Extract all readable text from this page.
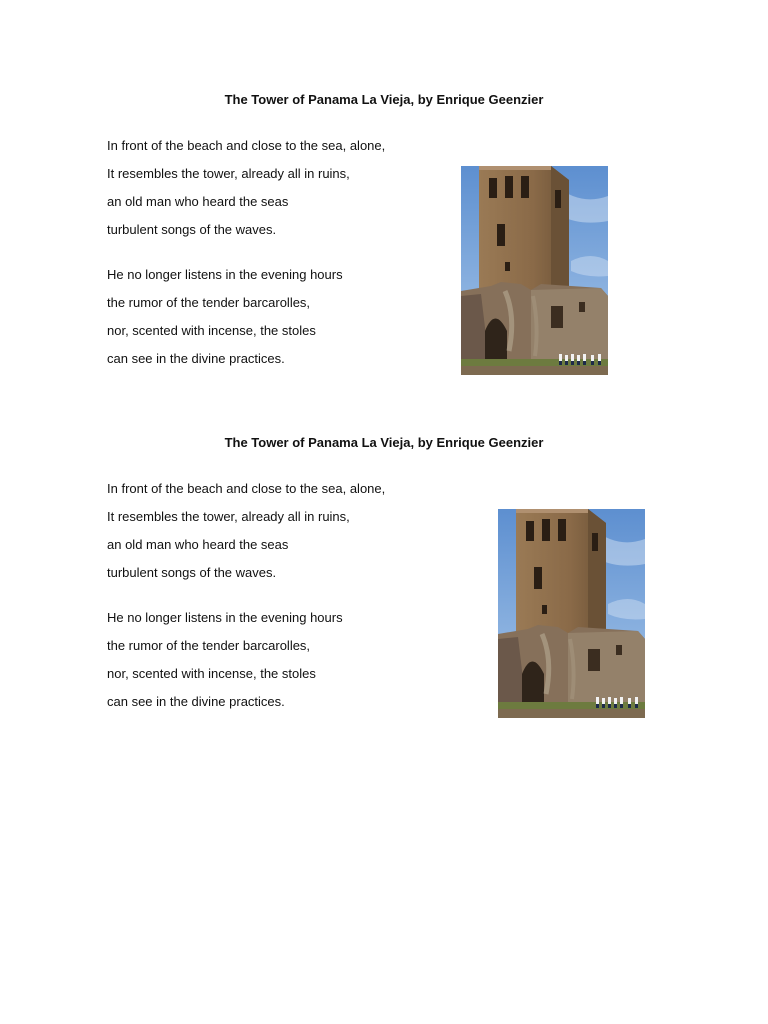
The Tower of Panama La Vieja, by Enrique Geenzier
In front of the beach and close to the sea, alone,
It resembles the tower, already all in ruins,
an old man who heard the seas
turbulent songs of the waves.
He no longer listens in the evening hours
the rumor of the tender barcarolles,
nor, scented with incense, the stoles
can see in the divine practices.
The Tower of Panama La Vieja, by Enrique Geenzier
In front of the beach and close to the sea, alone,
It resembles the tower, already all in ruins,
an old man who heard the seas
turbulent songs of the waves.
He no longer listens in the evening hours
the rumor of the tender barcarolles,
nor, scented with incense, the stoles
can see in the divine practices.
